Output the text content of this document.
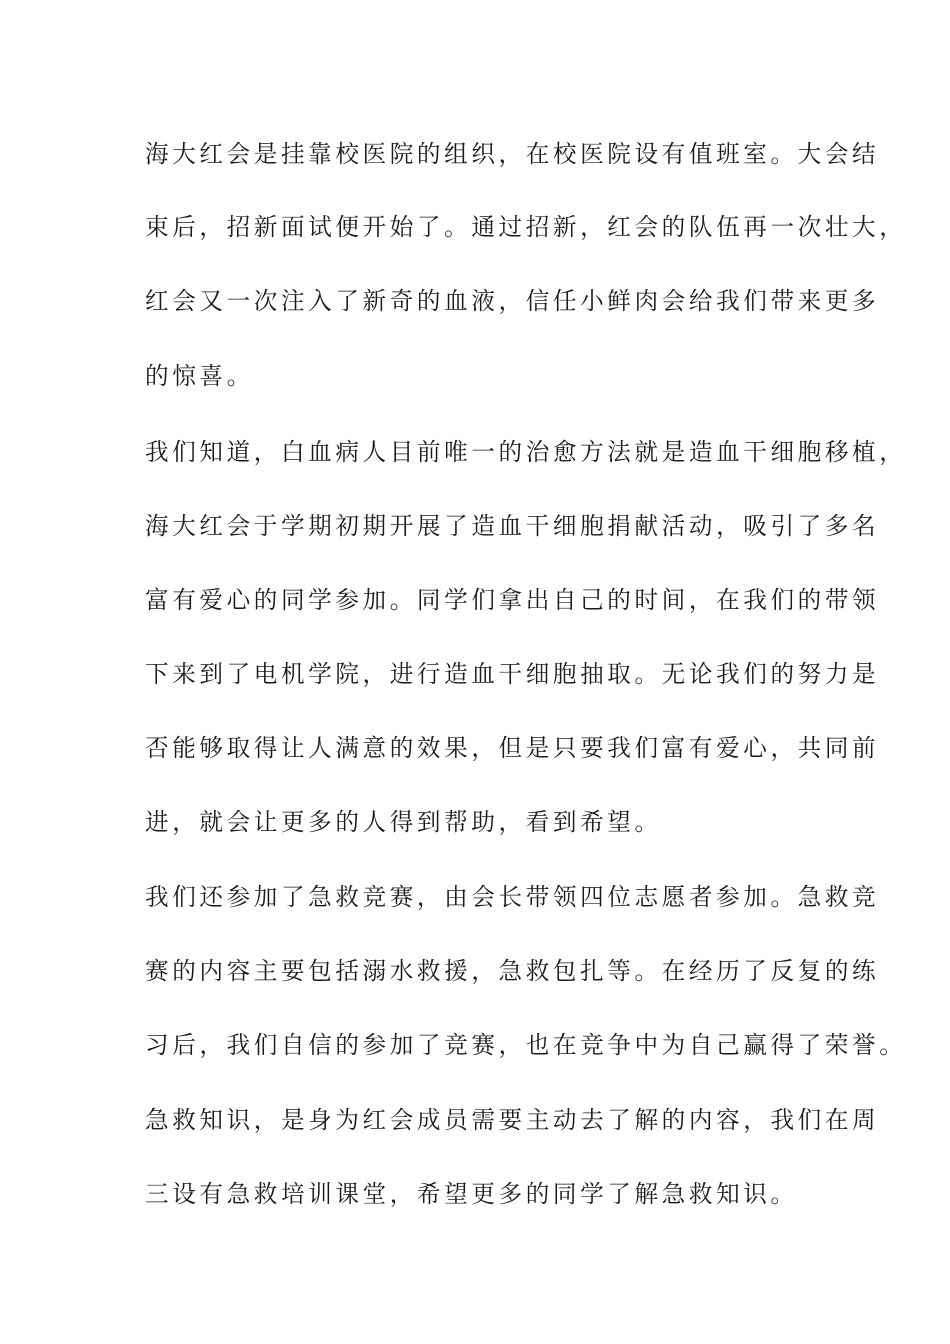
海大红会是挂靠校医院的组织，在校医院设有值班室。大会结

束后，招新面试便开始了。通过招新，红会的队伍再一次壮大，

红会又一次注入了新奇的血液，信任小鲜肉会给我们带来更多

的惊喜。

我们知道，白血病人目前唯一的治愈方法就是造血干细胞移植，

海大红会于学期初期开展了造血干细胞捐献活动，吸引了多名

富有爱心的同学参加。同学们拿出自己的时间，在我们的带领

下来到了电机学院，进行造血干细胞抽取。无论我们的努力是

否能够取得让人满意的效果，但是只要我们富有爱心，共同前

进，就会让更多的人得到帮助，看到希望。

我们还参加了急救竞赛，由会长带领四位志愿者参加。急救竞

赛的内容主要包括溺水救援，急救包扎等。在经历了反复的练

习后，我们自信的参加了竞赛，也在竞争中为自己赢得了荣誉。

急救知识，是身为红会成员需要主动去了解的内容，我们在周

三设有急救培训课堂，希望更多的同学了解急救知识。
